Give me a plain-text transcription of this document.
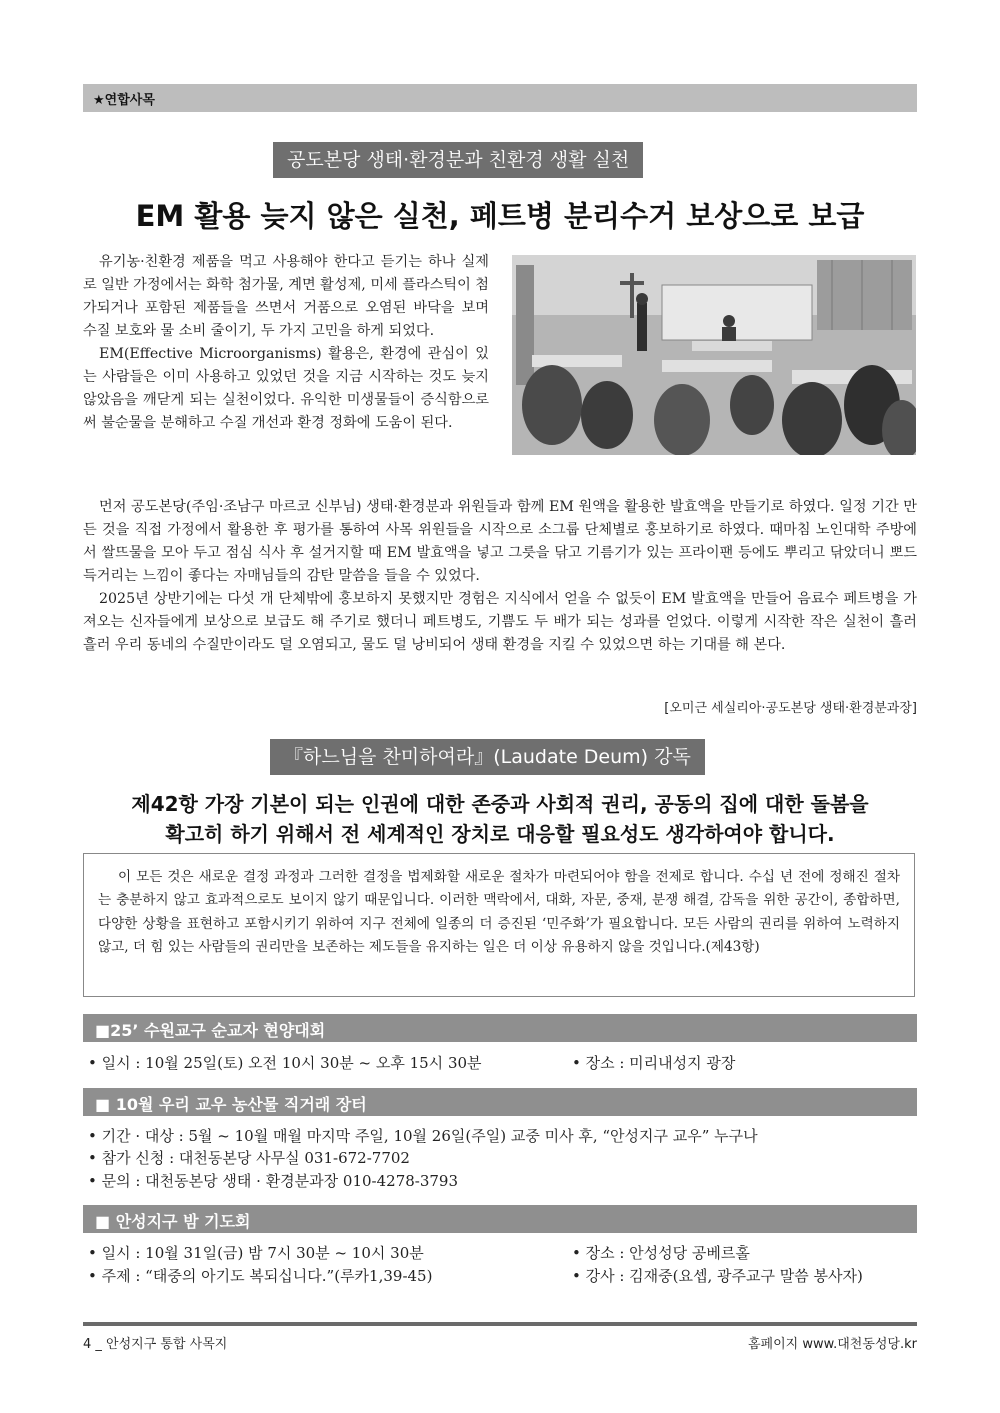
★연합사목
공도본당 생태·환경분과 친환경 생활 실천
EM 활용 늦지 않은 실천, 페트병 분리수거 보상으로 보급

유기농·친환경 제품을 먹고 사용해야 한다고 듣기는 하나 실제로 일반 가정에서는 화학 첨가물, 계면 활성제, 미세 플라스틱이 첨가되거나 포함된 제품들을 쓰면서 거품으로 오염된 바닥을 보며 수질 보호와 물 소비 줄이기, 두 가지 고민을 하게 되었다.

EM(Effective Microorganisms) 활용은, 환경에 관심이 있는 사람들은 이미 사용하고 있었던 것을 지금 시작하는 것도 늦지 않았음을 깨닫게 되는 실천이었다. 유익한 미생물들이 증식함으로써 불순물을 분해하고 수질 개선과 환경 정화에 도움이 된다.

먼저 공도본당(주임·조남구 마르코 신부님) 생태·환경분과 위원들과 함께 EM 원액을 활용한 발효액을 만들기로 하였다. 일정 기간 만든 것을 직접 가정에서 활용한 후 평가를 통하여 사목 위원들을 시작으로 소그룹 단체별로 홍보하기로 하였다. 때마침 노인대학 주방에서 쌀뜨물을 모아 두고 점심 식사 후 설거지할 때 EM 발효액을 넣고 그릇을 닦고 기름기가 있는 프라이팬 등에도 뿌리고 닦았더니 뽀드득거리는 느낌이 좋다는 자매님들의 감탄 말씀을 들을 수 있었다.

2025년 상반기에는 다섯 개 단체밖에 홍보하지 못했지만 경험은 지식에서 얻을 수 없듯이 EM 발효액을 만들어 음료수 페트병을 가져오는 신자들에게 보상으로 보급도 해 주기로 했더니 페트병도, 기쁨도 두 배가 되는 성과를 얻었다. 이렇게 시작한 작은 실천이 흘러 흘러 우리 동네의 수질만이라도 덜 오염되고, 물도 덜 낭비되어 생태 환경을 지킬 수 있었으면 하는 기대를 해 본다.

[오미근 세실리아·공도본당 생태·환경분과장]
『하느님을 찬미하여라』(Laudate Deum) 강독
제42항 가장 기본이 되는 인권에 대한 존중과 사회적 권리, 공동의 집에 대한 돌봄을
확고히 하기 위해서 전 세계적인 장치로 대응할 필요성도 생각하여야 합니다.

이 모든 것은 새로운 결정 과정과 그러한 결정을 법제화할 새로운 절차가 마련되어야 함을 전제로 합니다. 수십 년 전에 정해진 절차는 충분하지 않고 효과적으로도 보이지 않기 때문입니다. 이러한 맥락에서, 대화, 자문, 중재, 분쟁 해결, 감독을 위한 공간이, 종합하면, 다양한 상황을 표현하고 포함시키기 위하여 지구 전체에 일종의 더 증진된 ‘민주화’가 필요합니다. 모든 사람의 권리를 위하여 노력하지 않고, 더 힘 있는 사람들의 권리만을 보존하는 제도들을 유지하는 일은 더 이상 유용하지 않을 것입니다.(제43항)

■25’ 수원교구 순교자 현양대회
• 일시 : 10월 25일(토) 오전 10시 30분 ~ 오후 15시 30분	• 장소 : 미리내성지 광장
■ 10월 우리 교우 농산물 직거래 장터
• 기간 · 대상 : 5월 ~ 10월 매월 마지막 주일, 10월 26일(주일) 교중 미사 후, “안성지구 교우” 누구나
• 참가 신청 : 대천동본당 사무실 031-672-7702
• 문의 : 대천동본당 생태 · 환경분과장 010-4278-3793
■ 안성지구 밤 기도회
• 일시 : 10월 31일(금) 밤 7시 30분 ~ 10시 30분	• 장소 : 안성성당 공베르홀
• 주제 : “태중의 아기도 복되십니다.”(루카1,39-45)	• 강사 : 김재중(요셉, 광주교구 말씀 봉사자)
4 _ 안성지구 통합 사목지	홈페이지 www.대천동성당.kr
